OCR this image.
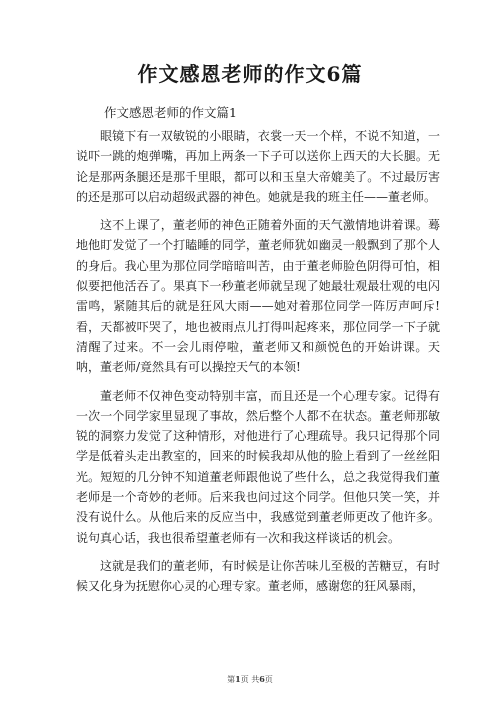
作文感恩老师的作文6篇
作文感恩老师的作文篇1

眼镜下有一双敏锐的小眼睛，衣裳一天一个样，不说不知道，一说吓一跳的炮弹嘴，再加上两条一下子可以送你上西天的大长腿。无论是那两条腿还是那千里眼，都可以和玉皇大帝媲美了。不过最厉害的还是那可以启动超级武器的神色。她就是我的班主任——董老师。

这不上课了，董老师的神色正随着外面的天气激情地讲着课。蓦地他盯发觉了一个打瞌睡的同学，董老师犹如幽灵一般飘到了那个人的身后。我心里为那位同学暗暗叫苦，由于董老师脸色阴得可怕，相似要把他活吞了。果真下一秒董老师就呈现了她最壮观最壮观的电闪雷鸣，紧随其后的就是狂风大雨——她对着那位同学一阵厉声呵斥!看，天都被吓哭了，地也被雨点儿打得叫起疼来，那位同学一下子就清醒了过来。不一会儿雨停啦，董老师又和颜悦色的开始讲课。天呐，董老师/竟然具有可以操控天气的本领!

董老师不仅神色变动特别丰富，而且还是一个心理专家。记得有一次一个同学家里显现了事故，然后整个人都不在状态。董老师那敏锐的洞察力发觉了这种情形，对他进行了心理疏导。我只记得那个同学是低着头走出教室的，回来的时候我却从他的脸上看到了一丝丝阳光。短短的几分钟不知道董老师跟他说了些什么，总之我觉得我们董老师是一个奇妙的老师。后来我也问过这个同学。但他只笑一笑，并没有说什么。从他后来的反应当中，我感觉到董老师更改了他许多。说句真心话，我也很希望董老师有一次和我这样谈话的机会。

这就是我们的董老师，有时候是让你苦味儿至极的苦糖豆，有时候又化身为抚慰你心灵的心理专家。董老师，感谢您的狂风暴雨，

第1页 共6页
